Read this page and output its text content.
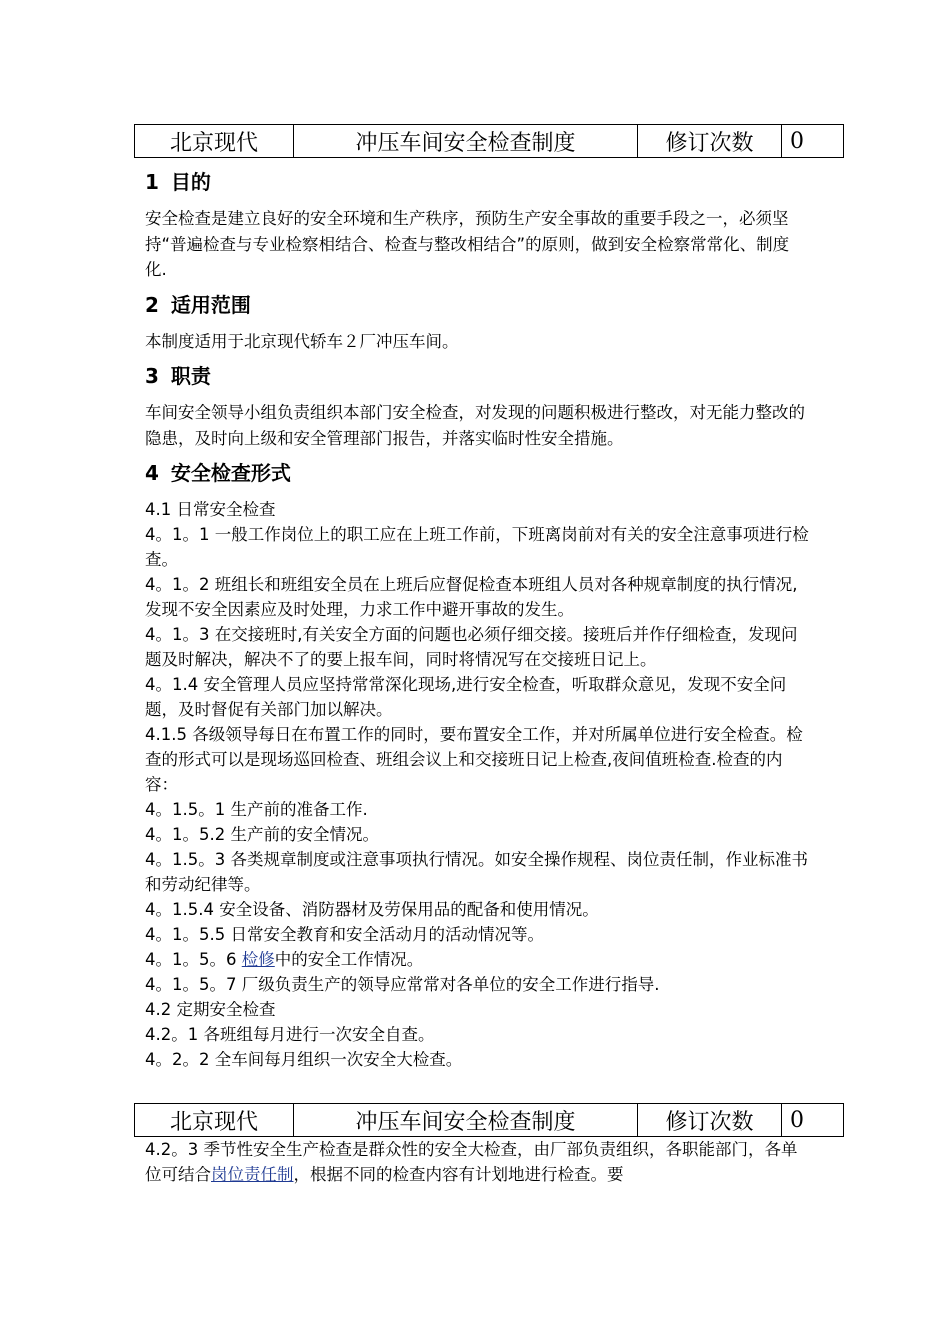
北京现代	冲压车间安全检查制度	修订次数	0
1 目的

安全检查是建立良好的安全环境和生产秩序，预防生产安全事故的重要手段之一，必须坚持“普遍检查与专业检察相结合、检查与整改相结合”的原则，做到安全检察常常化、制度化.

2 适用范围

本制度适用于北京现代轿车２厂冲压车间。

3 职责

车间安全领导小组负责组织本部门安全检查，对发现的问题积极进行整改，对无能力整改的隐患，及时向上级和安全管理部门报告，并落实临时性安全措施。

4 安全检查形式

4.1 日常安全检查

4。1。1 一般工作岗位上的职工应在上班工作前，下班离岗前对有关的安全注意事项进行检查。

4。1。2 班组长和班组安全员在上班后应督促检查本班组人员对各种规章制度的执行情况,发现不安全因素应及时处理，力求工作中避开事故的发生。

4。1。3 在交接班时,有关安全方面的问题也必须仔细交接。接班后并作仔细检查，发现问题及时解决，解决不了的要上报车间，同时将情况写在交接班日记上。

4。1.4 安全管理人员应坚持常常深化现场,进行安全检查，听取群众意见，发现不安全问题，及时督促有关部门加以解决。

4.1.5 各级领导每日在布置工作的同时，要布置安全工作，并对所属单位进行安全检查。检查的形式可以是现场巡回检查、班组会议上和交接班日记上检查,夜间值班检查.检查的内容：

4。1.5。1 生产前的准备工作.

4。1。5.2 生产前的安全情况。

4。1.5。3 各类规章制度或注意事项执行情况。如安全操作规程、岗位责任制，作业标准书和劳动纪律等。

4。1.5.4 安全设备、消防器材及劳保用品的配备和使用情况。

4。1。5.5 日常安全教育和安全活动月的活动情况等。

4。1。5。6 检修中的安全工作情况。

4。1。5。7 厂级负责生产的领导应常常对各单位的安全工作进行指导.

4.2 定期安全检查

4.2。1 各班组每月进行一次安全自查。

4。2。2 全车间每月组织一次安全大检查。

北京现代	冲压车间安全检查制度	修订次数	0

4.2。3 季节性安全生产检查是群众性的安全大检查，由厂部负责组织，各职能部门，各单位可结合岗位责任制，根据不同的检查内容有计划地进行检查。要
